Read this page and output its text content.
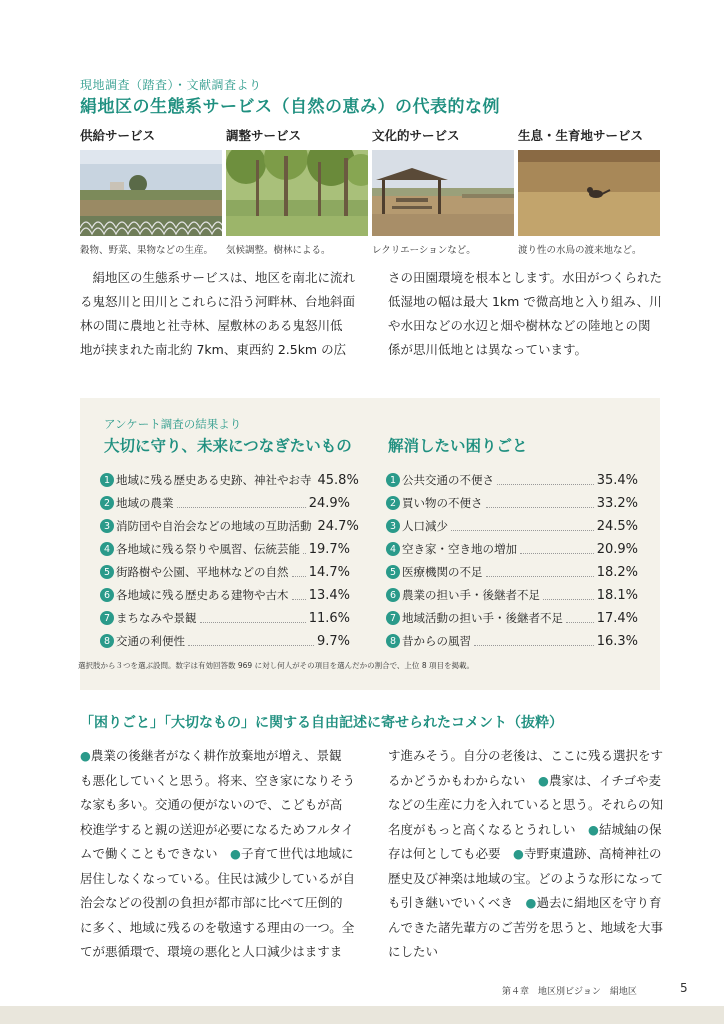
現地調査（踏査）・文献調査より
絹地区の生態系サービス（自然の恵み）の代表的な例
供給サービス	調整サービス	文化的サービス	生息・生育地サービス
穀物、野菜、果物などの生産。 気候調整。樹林による。	レクリエーションなど。	渡り性の水鳥の渡来地など。
　絹地区の生態系サービスは、地区を南北に流れ
る鬼怒川と田川とこれらに沿う河畔林、台地斜面
林の間に農地と社寺林、屋敷林のある鬼怒川低
地が挟まれた南北約 7km、東西約 2.5km の広
さの田園環境を根本とします。水田がつくられた
低湿地の幅は最大 1km で微高地と入り組み、川
や水田などの水辺と畑や樹林などの陸地との関
係が思川低地とは異なっています。
アンケート調査の結果より
大切に守り、未来につなぎたいもの 解消したい困りごと
1 地域に残る歴史ある史跡、神社やお寺 45.8%
2 地域の農業	24.9%
3 消防団や自治会などの地域の互助活動 24.7%
4 各地域に残る祭りや風習、伝統芸能 19.7%
5 街路樹や公園、平地林などの自然 14.7%
6 各地域に残る歴史ある建物や古木 13.4%
7 まちなみや景観	11.6%
8 交通の利便性	9.7%
1 公共交通の不便さ	35.4%
2 買い物の不便さ	33.2%
3 人口減少	24.5%
4 空き家・空き地の増加	20.9%
5 医療機関の不足	18.2%
6 農業の担い手・後継者不足	18.1%
7 地域活動の担い手・後継者不足	17.4%
8 昔からの風習	16.3%
選択肢から３つを選ぶ設問。数字は有効回答数 969 に対し何人がその項目を選んだかの割合で、上位 8 項目を掲載。
「困りごと」「大切なもの」に関する自由記述に寄せられたコメント（抜粋）
●農業の後継者がなく耕作放棄地が増え、景観
も悪化していくと思う。将来、空き家になりそう
な家も多い。交通の便がないので、こどもが高
校進学すると親の送迎が必要になるためフルタイ
ムで働くこともできない　 ●子育て世代は地域に
居住しなくなっている。住民は減少しているが自
治会などの役割の負担が都市部に比べて圧倒的
に多く、地域に残るのを敬遠する理由の一つ。全
てが悪循環で、環境の悪化と人口減少はますま
す進みそう。自分の老後は、ここに残る選択をす
るかどうかもわからない　 ●農家は、イチゴや麦
などの生産に力を入れていると思う。それらの知
名度がもっと高くなるとうれしい　 ●結城紬の保
存は何としても必要　 ●寺野東遺跡、高椅神社の
歴史及び神楽は地域の宝。どのような形になって
も引き継いでいくべき　 ●過去に絹地区を守り育
んできた諸先輩方のご苦労を思うと、地域を大事
にしたい
第４章　地区別ビジョン　絹地区	5
